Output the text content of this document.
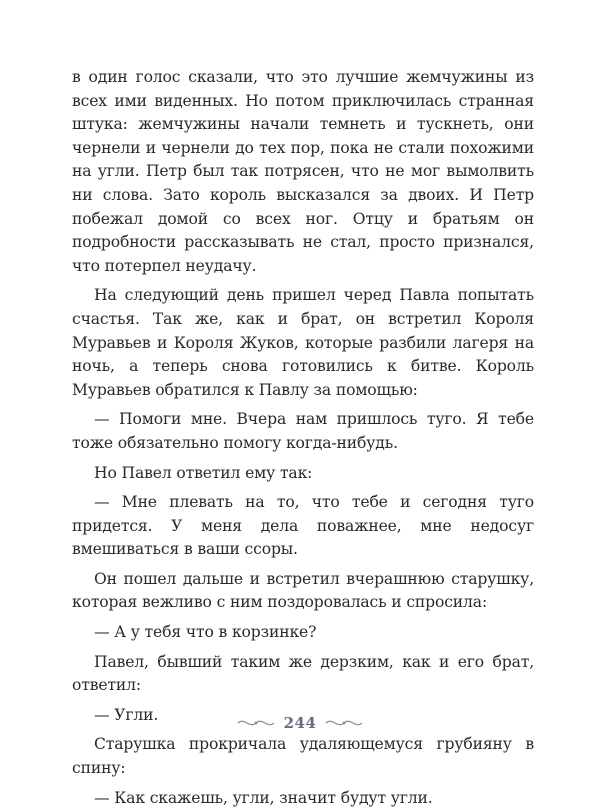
в один голос сказали, что это лучшие жемчужины из всех ими виденных. Но потом приключилась странная штука: жемчужины начали темнеть и тускнеть, они чернели и чернели до тех пор, пока не стали похожими на угли. Петр был так потрясен, что не мог вымолвить ни слова. Зато король высказался за двоих. И Петр побежал домой со всех ног. Отцу и братьям он подробности рассказывать не стал, просто признался, что потерпел неудачу.

На следующий день пришел черед Павла попытать счастья. Так же, как и брат, он встретил Короля Муравьев и Короля Жуков, которые разбили лагеря на ночь, а теперь снова готовились к битве. Король Муравьев обратился к Павлу за помощью:

— Помоги мне. Вчера нам пришлось туго. Я тебе тоже обязательно помогу когда-нибудь.

Но Павел ответил ему так:

— Мне плевать на то, что тебе и сегодня туго придется. У меня дела поважнее, мне недосуг вмешиваться в ваши ссоры.

Он пошел дальше и встретил вчерашнюю старушку, которая вежливо с ним поздоровалась и спросила:

— А у тебя что в корзинке?

Павел, бывший таким же дерзким, как и его брат, ответил:

— Угли.

Старушка прокричала удаляющемуся грубияну в спину:

— Как скажешь, угли, значит будут угли.

244
